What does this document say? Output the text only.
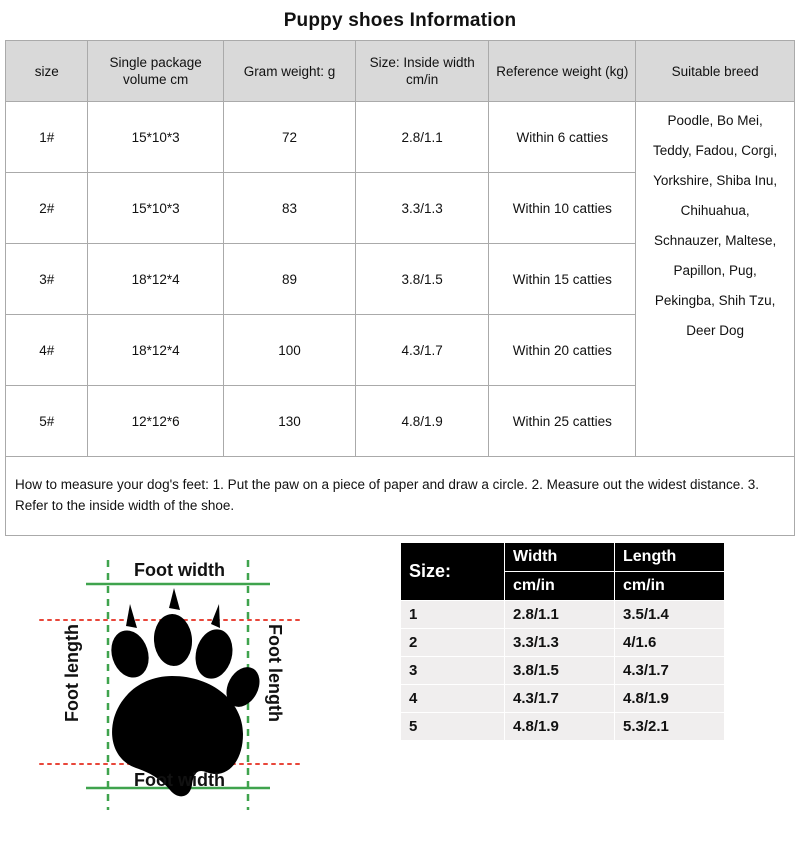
Puppy shoes Information
size	Single package volume cm	Gram weight: g	Size: Inside width cm/in	Reference weight (kg)	Suitable breed
1#	15*10*3	72	2.8/1.1	Within 6 catties	
Poodle, Bo Mei,
Teddy, Fadou, Corgi,
Yorkshire, Shiba Inu,
Chihuahua,
Schnauzer, Maltese,
Papillon, Pug,
Pekingba, Shih Tzu,
Deer Dog

2#	15*10*3	83	3.3/1.3	Within 10 catties	
3#	18*12*4	89	3.8/1.5	Within 15 catties	
4#	18*12*4	100	4.3/1.7	Within 20 catties	
5#	12*12*6	130	4.8/1.9	Within 25 catties	
How to measure your dog's feet: 1. Put the paw on a piece of paper and draw a circle. 2. Measure out the widest distance. 3. Refer to the inside width of the shoe.					
Foot width
Foot width
Foot length	Foot length
Size:	Width	Length
	cm/in	cm/in
1	2.8/1.1	3.5/1.4
2	3.3/1.3	4/1.6
3	3.8/1.5	4.3/1.7
4	4.3/1.7	4.8/1.9
5	4.8/1.9	5.3/2.1
